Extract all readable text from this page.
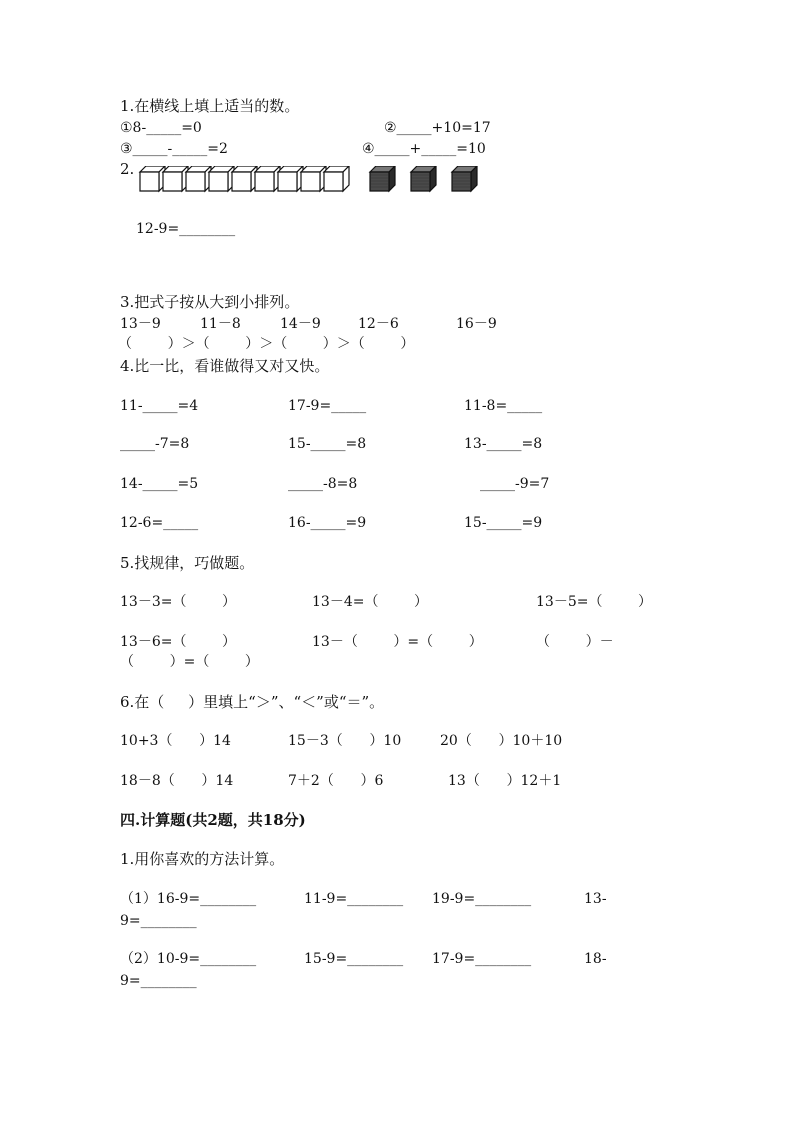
1.在横线上填上适当的数。
①8-_____=0	②_____+10=17
③_____-_____=2	④_____+_____=10
2.
12-9=________
3.把式子按从大到小排列。
13－9	11－8	14－9	12－6	16－9
（        ）＞（        ）＞（        ）＞（        ）
4.比一比，看谁做得又对又快。
11-_____=4	17-9=_____	11-8=_____
_____-7=8	15-_____=8	13-_____=8
14-_____=5	_____-8=8	_____-9=7
12-6=_____	16-_____=9	15-_____=9
5.找规律，巧做题。
13－3=（        ）	13－4=（        ）	13－5=（        ）
13－6=（        ）	13－（        ）=（        ）	（        ）－
（        ）=（        ）
6.在（     ）里填上“＞”、“＜”或“＝”。
10+3（      ）14	15－3（      ）10	20（      ）10＋10
18－8（      ）14	7＋2（      ）6	13（      ）12＋1
四.计算题(共2题，共18分)
1.用你喜欢的方法计算。
（1）16-9=________	11-9=________ 19-9=________	13-
9=________
（2）10-9=________	15-9=________ 17-9=________	18-
9=________
